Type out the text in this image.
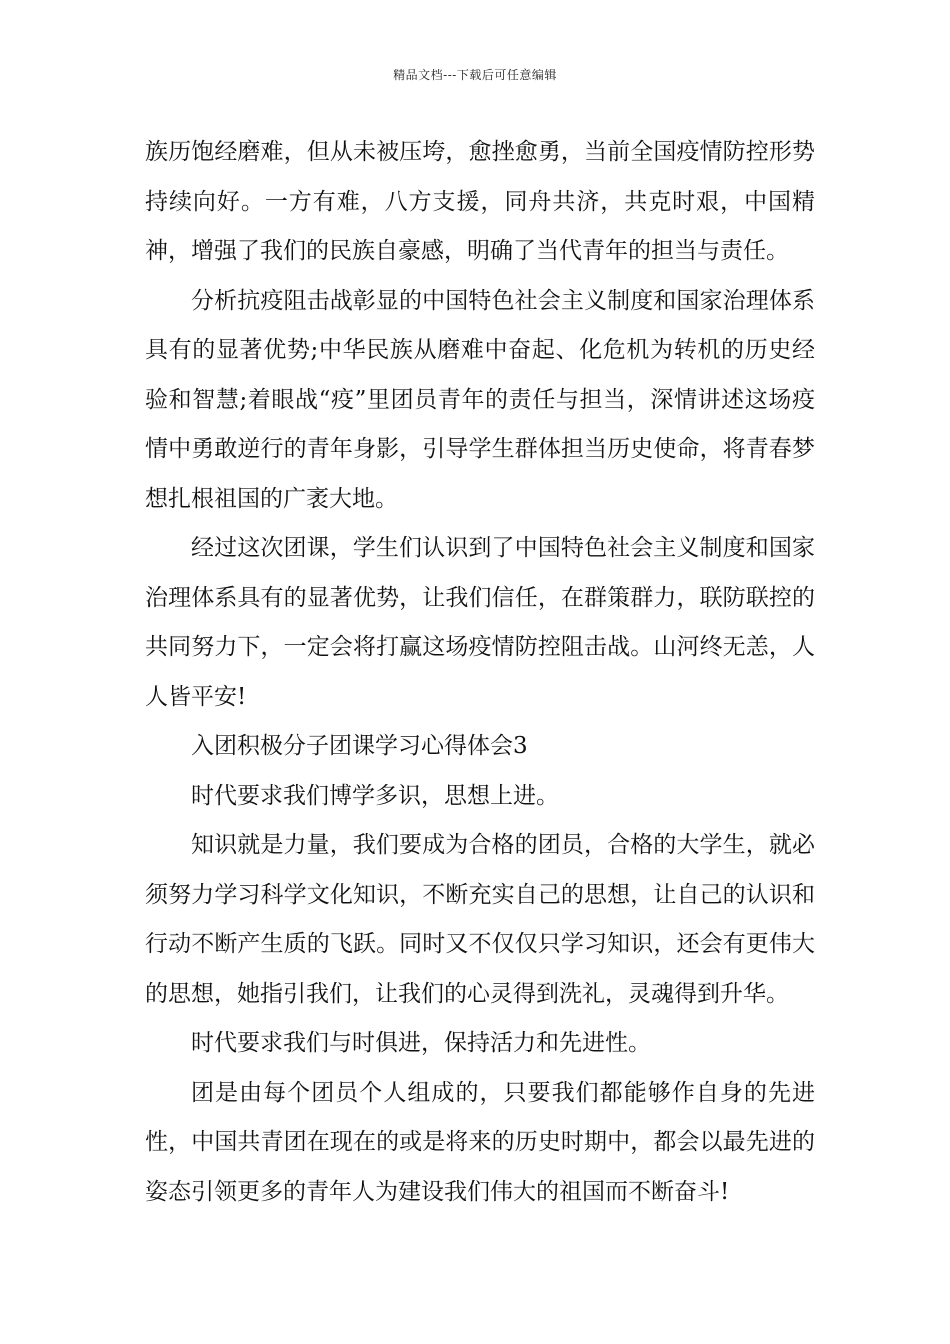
精品文档---下载后可任意编辑

族历饱经磨难，但从未被压垮，愈挫愈勇，当前全国疫情防控形势持续向好。一方有难，八方支援，同舟共济，共克时艰，中国精神，增强了我们的民族自豪感，明确了当代青年的担当与责任。

分析抗疫阻击战彰显的中国特色社会主义制度和国家治理体系具有的显著优势;中华民族从磨难中奋起、化危机为转机的历史经验和智慧;着眼战“疫”里团员青年的责任与担当，深情讲述这场疫情中勇敢逆行的青年身影，引导学生群体担当历史使命，将青春梦想扎根祖国的广袤大地。

经过这次团课，学生们认识到了中国特色社会主义制度和国家治理体系具有的显著优势，让我们信任，在群策群力，联防联控的共同努力下，一定会将打赢这场疫情防控阻击战。山河终无恙，人人皆平安!

入团积极分子团课学习心得体会3

时代要求我们博学多识，思想上进。

知识就是力量，我们要成为合格的团员，合格的大学生，就必须努力学习科学文化知识，不断充实自己的思想，让自己的认识和行动不断产生质的飞跃。同时又不仅仅只学习知识，还会有更伟大的思想，她指引我们，让我们的心灵得到洗礼，灵魂得到升华。

时代要求我们与时俱进，保持活力和先进性。

团是由每个团员个人组成的，只要我们都能够作自身的先进性，中国共青团在现在的或是将来的历史时期中，都会以最先进的姿态引领更多的青年人为建设我们伟大的祖国而不断奋斗!
